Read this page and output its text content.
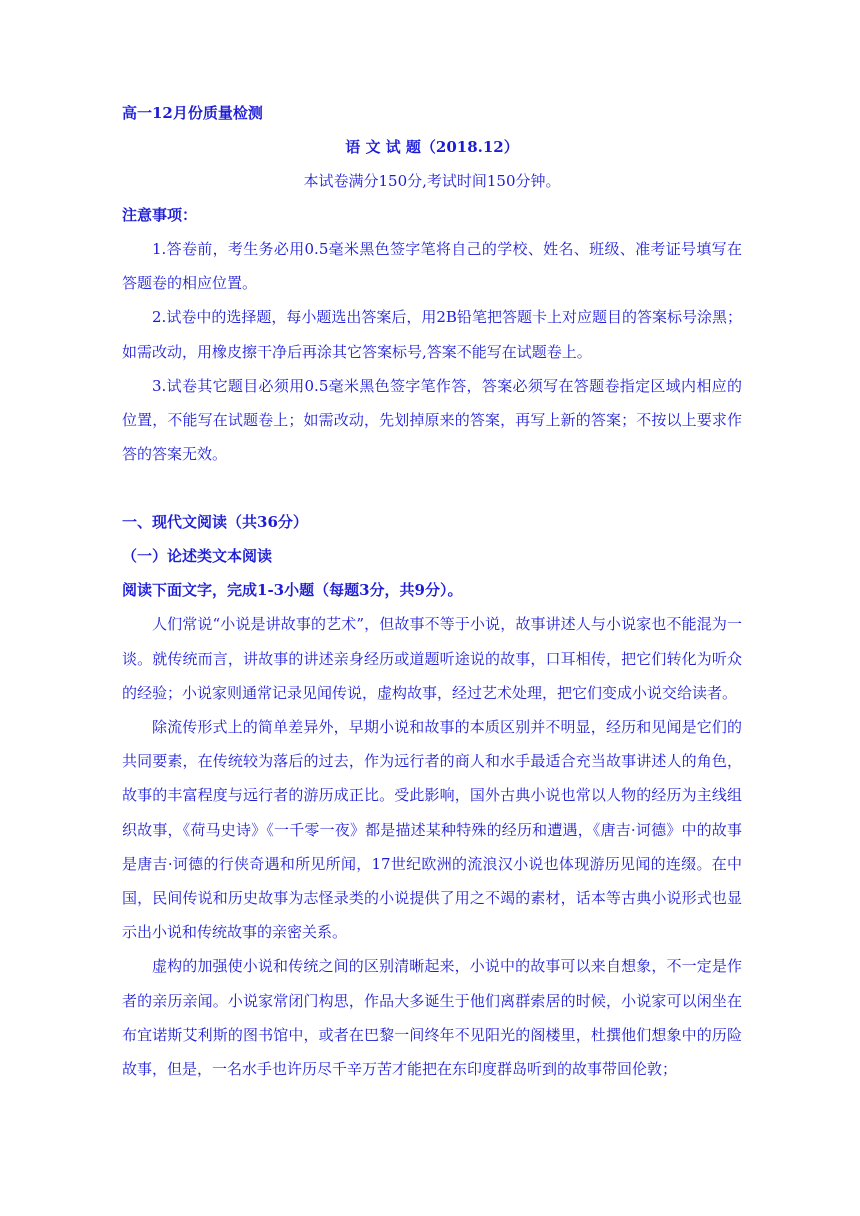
高一12月份质量检测
语 文 试 题（2018.12）
本试卷满分150分,考试时间150分钟。
注意事项：

1.答卷前，考生务必用0.5毫米黑色签字笔将自己的学校、姓名、班级、准考证号填写在答题卷的相应位置。

2.试卷中的选择题，每小题选出答案后，用2B铅笔把答题卡上对应题目的答案标号涂黑；如需改动，用橡皮擦干净后再涂其它答案标号,答案不能写在试题卷上。

3.试卷其它题目必须用0.5毫米黑色签字笔作答，答案必须写在答题卷指定区域内相应的位置，不能写在试题卷上；如需改动，先划掉原来的答案，再写上新的答案；不按以上要求作答的答案无效。

一、现代文阅读（共36分）
（一）论述类文本阅读
阅读下面文字，完成1-3小题（每题3分，共9分）。

人们常说“小说是讲故事的艺术”，但故事不等于小说，故事讲述人与小说家也不能混为一谈。就传统而言，讲故事的讲述亲身经历或道题听途说的故事，口耳相传，把它们转化为听众的经验；小说家则通常记录见闻传说，虚构故事，经过艺术处理，把它们变成小说交给读者。

除流传形式上的简单差异外，早期小说和故事的本质区别并不明显，经历和见闻是它们的共同要素，在传统较为落后的过去，作为远行者的商人和水手最适合充当故事讲述人的角色，故事的丰富程度与远行者的游历成正比。受此影响，国外古典小说也常以人物的经历为主线组织故事，《荷马史诗》《一千零一夜》都是描述某种特殊的经历和遭遇，《唐吉·诃德》中的故事是唐吉·诃德的行侠奇遇和所见所闻，17世纪欧洲的流浪汉小说也体现游历见闻的连缀。在中国，民间传说和历史故事为志怪录类的小说提供了用之不竭的素材，话本等古典小说形式也显示出小说和传统故事的亲密关系。

虚构的加强使小说和传统之间的区别清晰起来，小说中的故事可以来自想象，不一定是作者的亲历亲闻。小说家常闭门构思，作品大多诞生于他们离群索居的时候，小说家可以闲坐在布宜诺斯艾利斯的图书馆中，或者在巴黎一间终年不见阳光的阁楼里，杜撰他们想象中的历险故事，但是，一名水手也许历尽千辛万苦才能把在东印度群岛听到的故事带回伦敦；
